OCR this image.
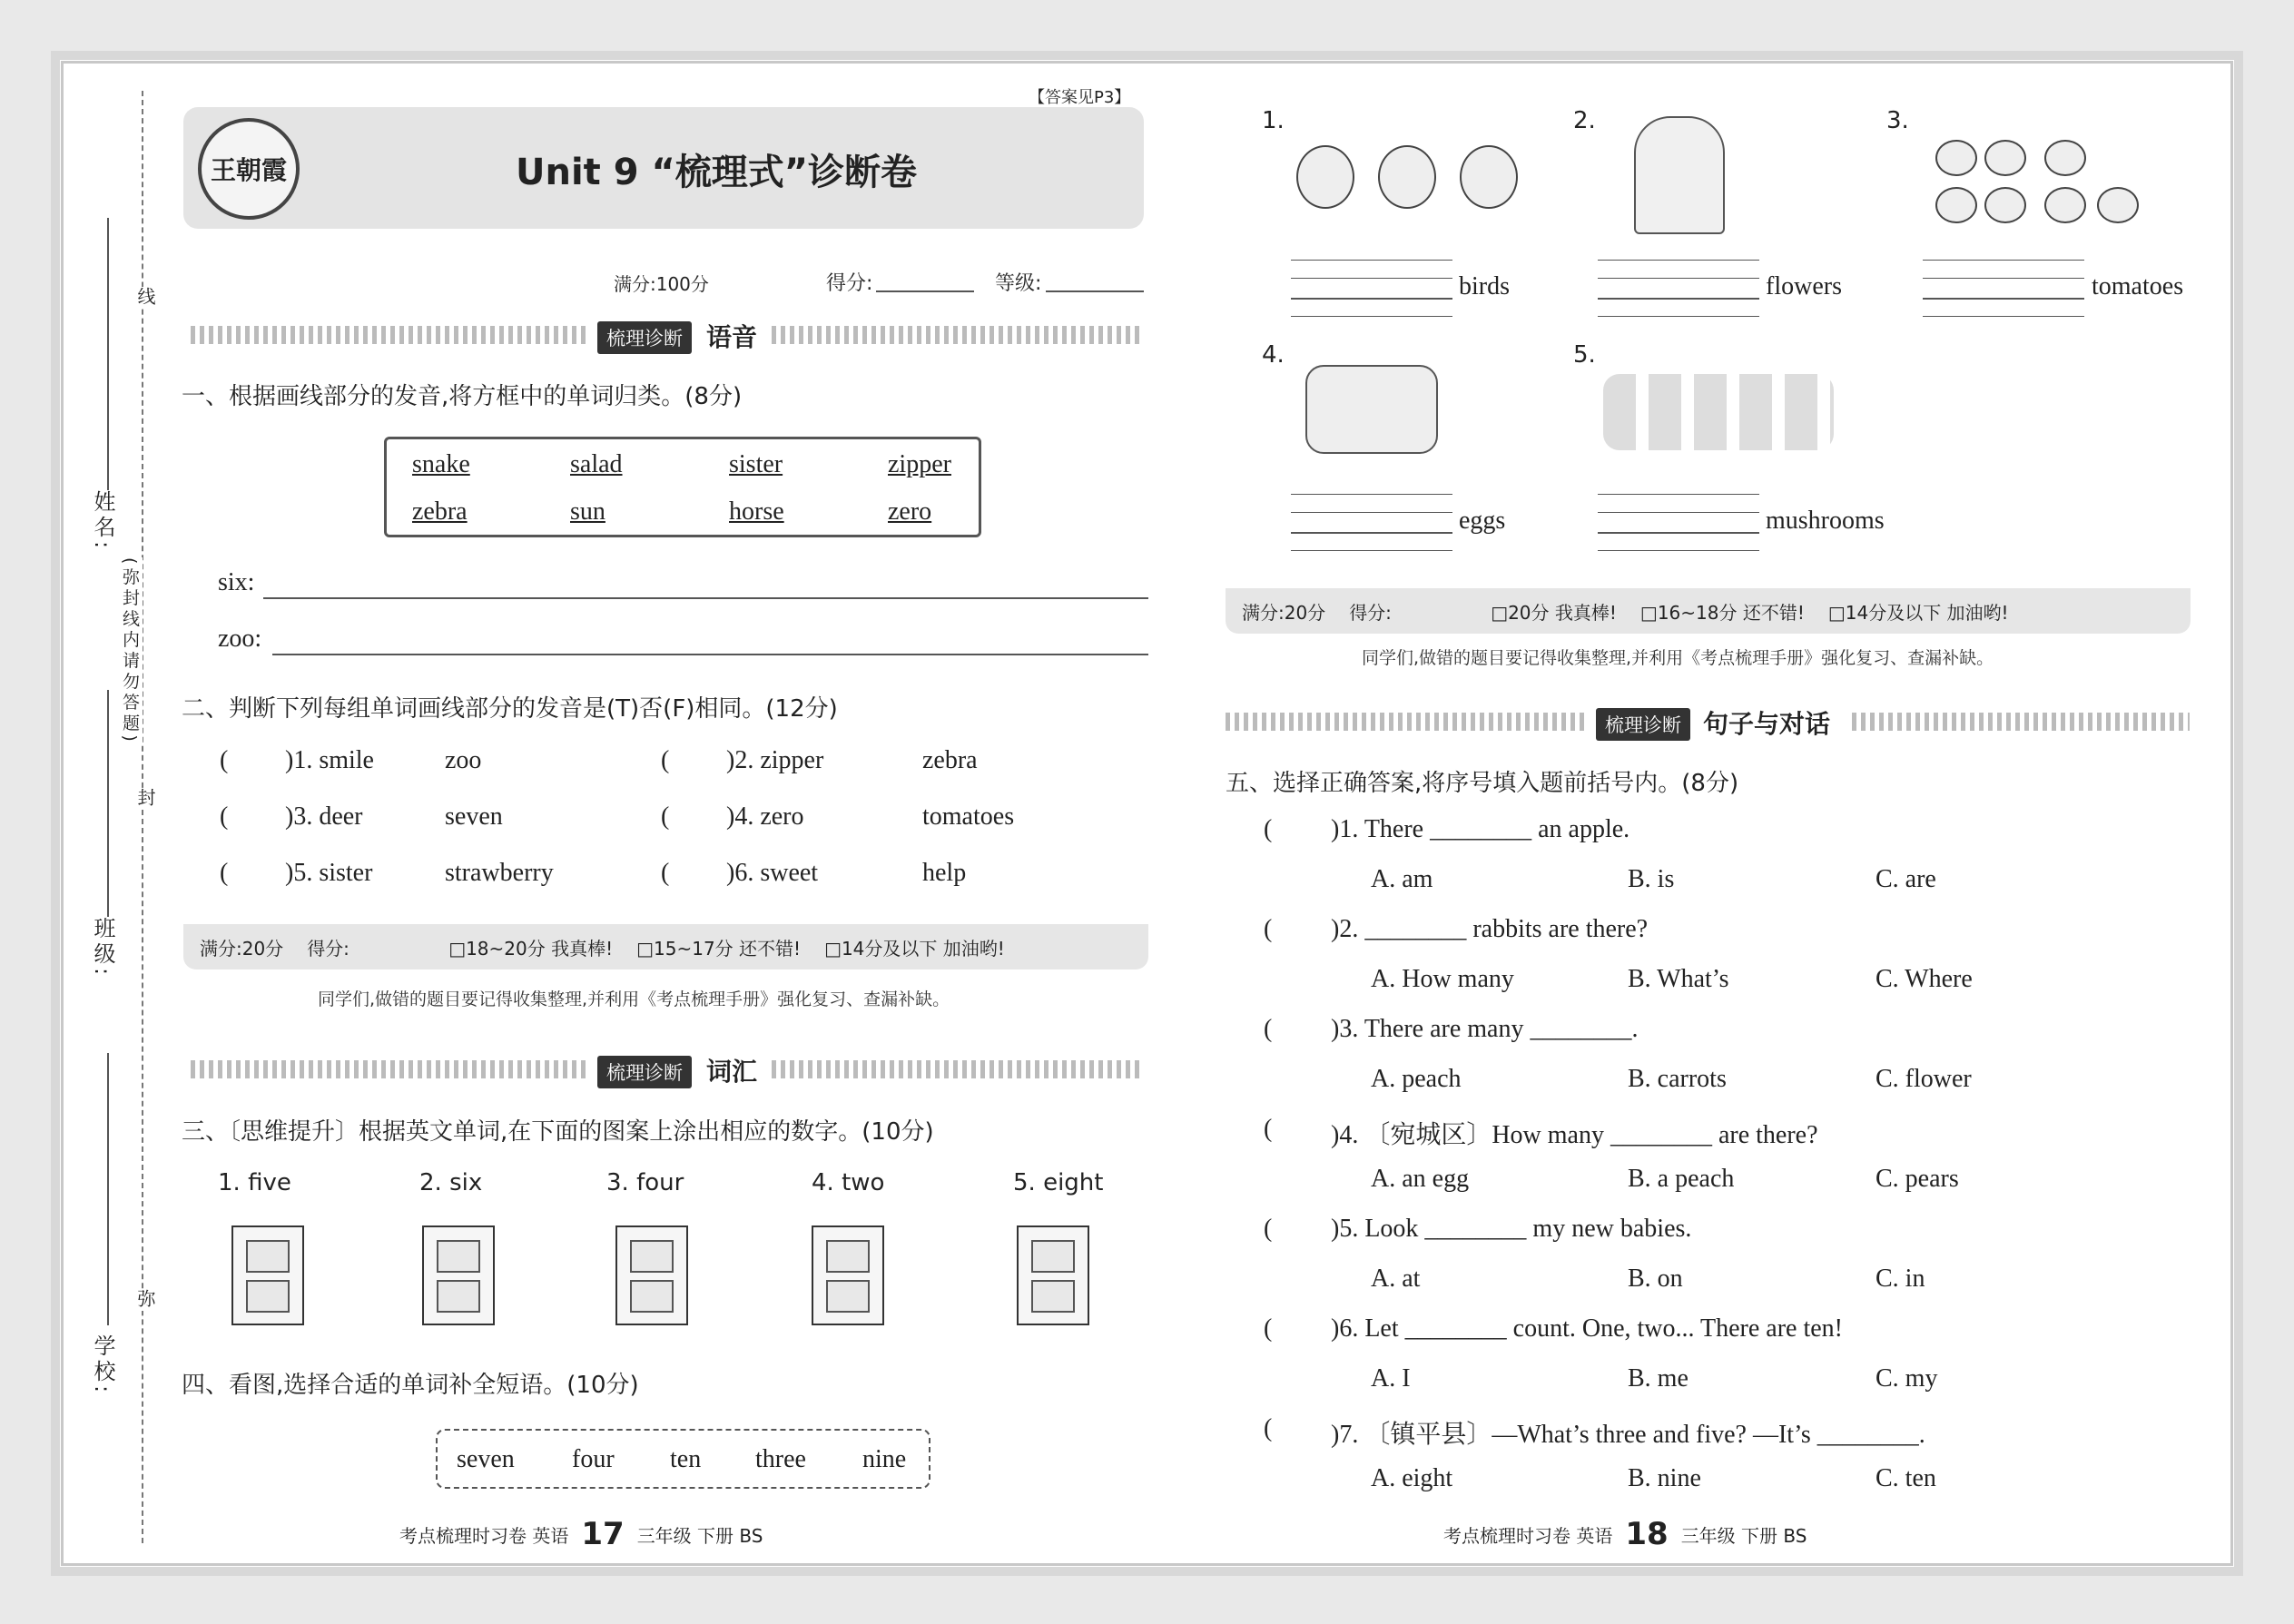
姓名:
班级:
学校:
线
(弥封线内请勿答题)
封
弥
【答案见P3】
王朝霞	Unit 9 “梳理式”诊断卷
满分:100分	得分:	等级:
梳理诊断 语音
一、根据画线部分的发音,将方框中的单词归类。(8分)
snake	salad	sister	zipper
zebra	sun	horse	zero
six:
zoo:
二、判断下列每组单词画线部分的发音是(T)否(F)相同。(12分)
( )1. smile	zoo	( )2. zipper	zebra
( )3. deer	seven	( )4. zero	tomatoes
( )5. sister	strawberry	( )6. sweet	help
满分:20分 得分:	□18~20分 我真棒! □15~17分 还不错! □14分及以下 加油哟!
同学们,做错的题目要记得收集整理,并利用《考点梳理手册》强化复习、查漏补缺。
梳理诊断 词汇
三、〔思维提升〕根据英文单词,在下面的图案上涂出相应的数字。(10分)
1. five	2. six	3. four	4. two	5. eight
四、看图,选择合适的单词补全短语。(10分)
seven four ten three nine
考点梳理时习卷 英语 17 三年级 下册 BS
1.
birds
2.
flowers
3.
tomatoes
4.
eggs
5.
mushrooms
满分:20分 得分:	□20分 我真棒! □16~18分 还不错! □14分及以下 加油哟!
同学们,做错的题目要记得收集整理,并利用《考点梳理手册》强化复习、查漏补缺。
梳理诊断 句子与对话
五、选择正确答案,将序号填入题前括号内。(8分)
( )1. There ________ an apple.
A. am	B. is	C. are
( )2. ________ rabbits are there?
A. How many	B. What’s	C. Where
( )3. There are many ________.
A. peach	B. carrots	C. flower
( )4. 〔宛城区〕How many ________ are there?
A. an egg	B. a peach	C. pears
( )5. Look ________ my new babies.
A. at	B. on	C. in
( )6. Let ________ count. One, two... There are ten!
A. I	B. me	C. my
( )7. 〔镇平县〕—What’s three and five? —It’s ________.
A. eight	B. nine	C. ten
考点梳理时习卷 英语 18 三年级 下册 BS
